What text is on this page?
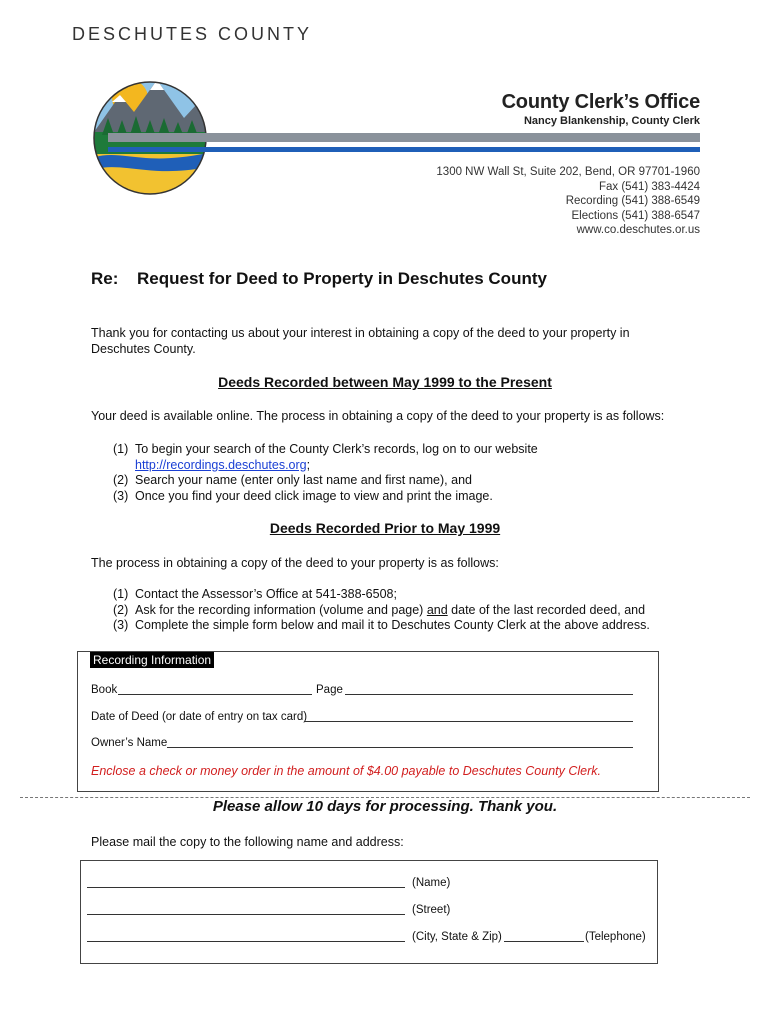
DESCHUTES COUNTY
County Clerk’s Office
Nancy Blankenship, County Clerk
1300 NW Wall St, Suite 202, Bend, OR 97701-1960
Fax (541) 383-4424
Recording (541) 388-6549
Elections (541) 388-6547
www.co.deschutes.or.us
Re: Request for Deed to Property in Deschutes County
Thank you for contacting us about your interest in obtaining a copy of the deed to your property in Deschutes County.
Deeds Recorded between May 1999 to the Present
Your deed is available online. The process in obtaining a copy of the deed to your property is as follows:
(1) To begin your search of the County Clerk’s records, log on to our website
http://recordings.deschutes.org;
(2) Search your name (enter only last name and first name), and
(3) Once you find your deed click image to view and print the image.
Deeds Recorded Prior to May 1999
The process in obtaining a copy of the deed to your property is as follows:
(1) Contact the Assessor’s Office at 541-388-6508;
(2) Ask for the recording information (volume and page) and date of the last recorded deed, and
(3) Complete the simple form below and mail it to Deschutes County Clerk at the above address.
Recording Information
Book	Page
Date of Deed (or date of entry on tax card)
Owner’s Name
Enclose a check or money order in the amount of $4.00 payable to Deschutes County Clerk.
Please allow 10 days for processing. Thank you.
Please mail the copy to the following name and address:
(Name)
(Street)
(City, State & Zip)	(Telephone)
